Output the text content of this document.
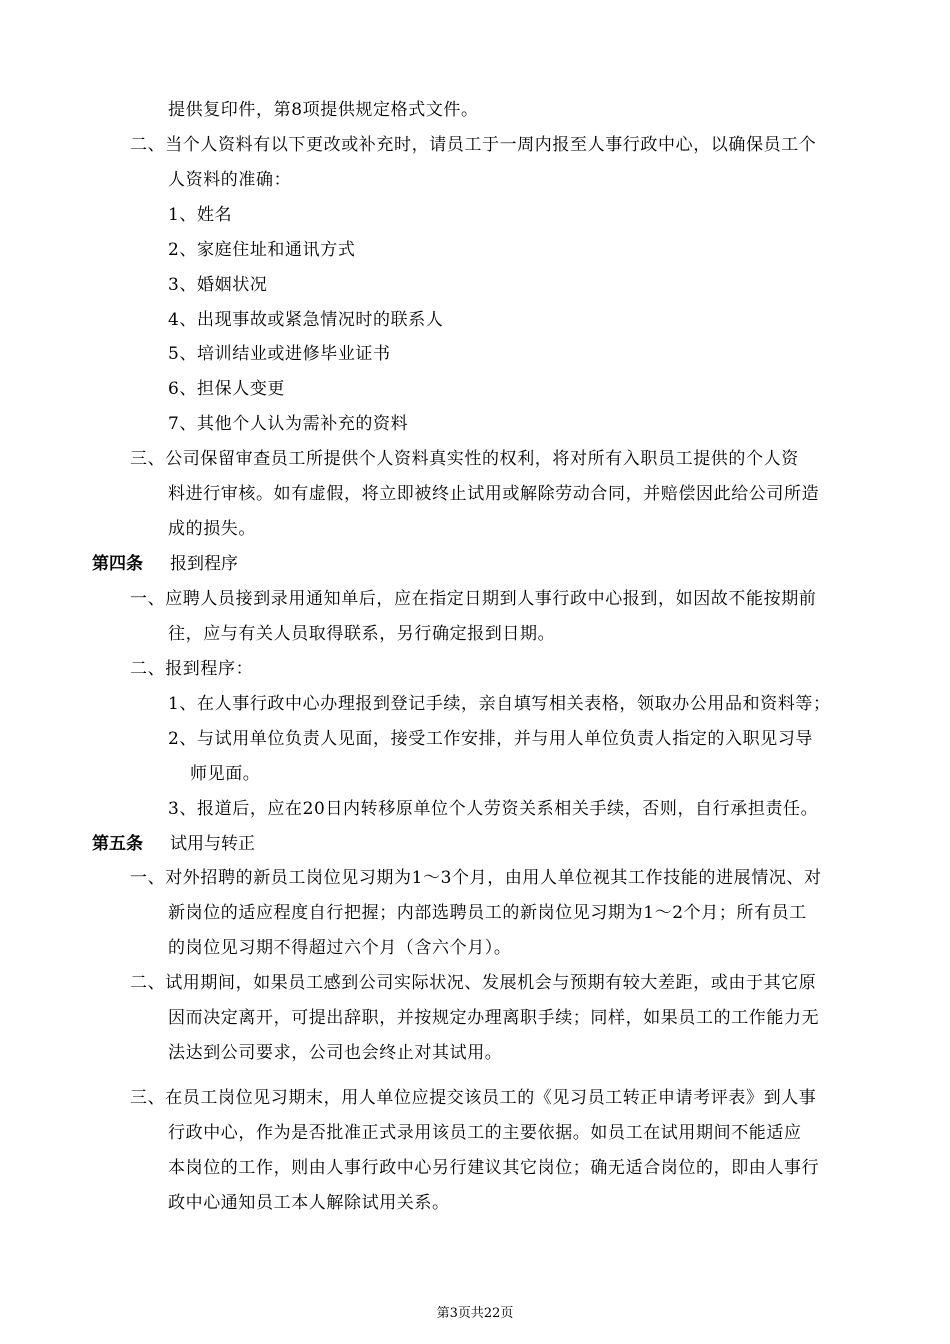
提供复印件，第8项提供规定格式文件。
二、当个人资料有以下更改或补充时，请员工于一周内报至人事行政中心，以确保员工个
人资料的准确：
1、姓名
2、家庭住址和通讯方式
3、婚姻状况
4、出现事故或紧急情况时的联系人
5、培训结业或进修毕业证书
6、担保人变更
7、其他个人认为需补充的资料
三、公司保留审查员工所提供个人资料真实性的权利，将对所有入职员工提供的个人资
料进行审核。如有虚假，将立即被终止试用或解除劳动合同，并赔偿因此给公司所造
成的损失。
第四条 报到程序
一、应聘人员接到录用通知单后，应在指定日期到人事行政中心报到，如因故不能按期前
往，应与有关人员取得联系，另行确定报到日期。
二、报到程序：
1、在人事行政中心办理报到登记手续，亲自填写相关表格，领取办公用品和资料等；
2、与试用单位负责人见面，接受工作安排，并与用人单位负责人指定的入职见习导
师见面。
3、报道后，应在20日内转移原单位个人劳资关系相关手续，否则，自行承担责任。
第五条 试用与转正
一、对外招聘的新员工岗位见习期为1～3个月，由用人单位视其工作技能的进展情况、对
新岗位的适应程度自行把握；内部选聘员工的新岗位见习期为1～2个月；所有员工
的岗位见习期不得超过六个月（含六个月）。
二、试用期间，如果员工感到公司实际状况、发展机会与预期有较大差距，或由于其它原
因而决定离开，可提出辞职，并按规定办理离职手续；同样，如果员工的工作能力无
法达到公司要求，公司也会终止对其试用。
三、在员工岗位见习期末，用人单位应提交该员工的《见习员工转正申请考评表》到人事
行政中心，作为是否批准正式录用该员工的主要依据。如员工在试用期间不能适应
本岗位的工作，则由人事行政中心另行建议其它岗位；确无适合岗位的，即由人事行
政中心通知员工本人解除试用关系。
第3页共22页
